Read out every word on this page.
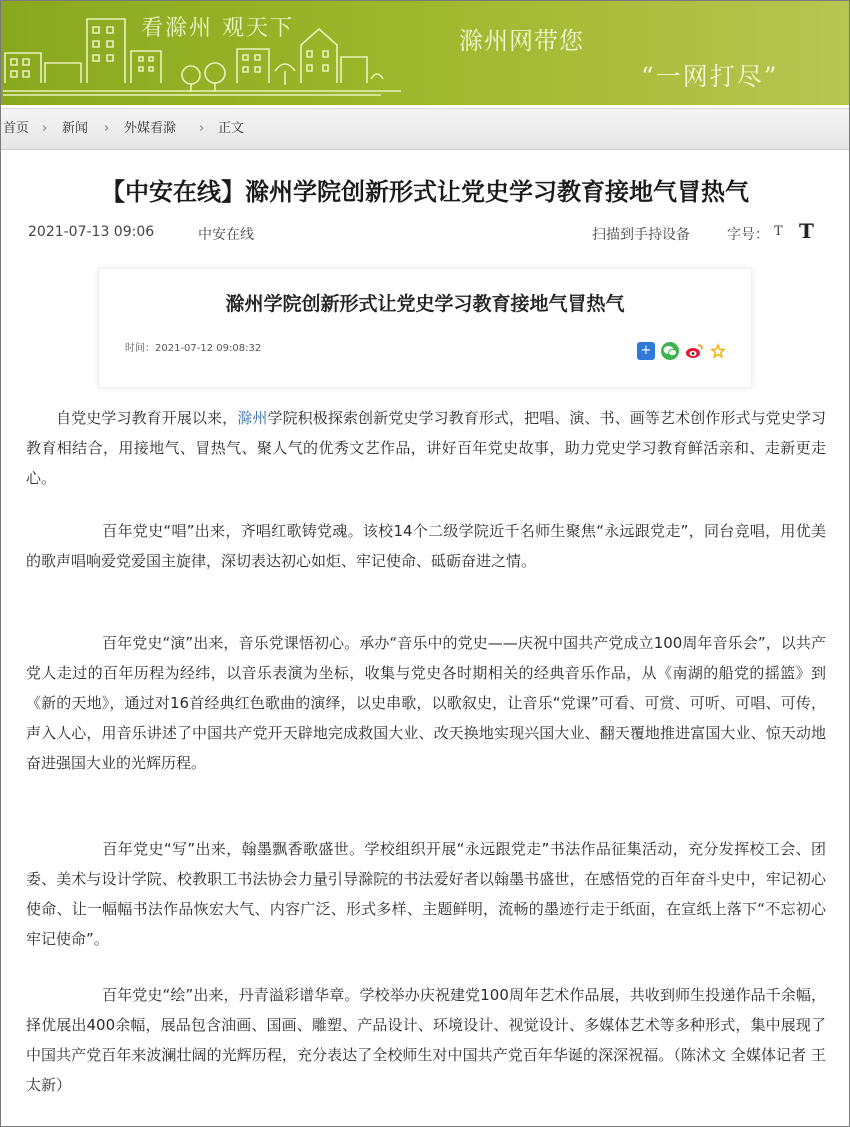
看滁州 观天下	滁州网带您
“一网打尽”
首页 › 新闻 › 外媒看滁 › 正文
【中安在线】滁州学院创新形式让党史学习教育接地气冒热气
2021-07-13 09:06	中安在线	扫描到手持设备	字号： T T
滁州学院创新形式让党史学习教育接地气冒热气
时间：2021-07-12 09:08:32	+

自党史学习教育开展以来，滁州学院积极探索创新党史学习教育形式，把唱、演、书、画等艺术创作形式与党史学习教育相结合，用接地气、冒热气、聚人气的优秀文艺作品，讲好百年党史故事，助力党史学习教育鲜活亲和、走新更走心。

百年党史“唱”出来，齐唱红歌铸党魂。该校14个二级学院近千名师生聚焦“永远跟党走”，同台竞唱，用优美的歌声唱响爱党爱国主旋律，深切表达初心如炬、牢记使命、砥砺奋进之情。

百年党史“演”出来，音乐党课悟初心。承办“音乐中的党史——庆祝中国共产党成立100周年音乐会”，以共产党人走过的百年历程为经纬，以音乐表演为坐标，收集与党史各时期相关的经典音乐作品，从《南湖的船党的摇篮》到《新的天地》，通过对16首经典红色歌曲的演绎，以史串歌，以歌叙史，让音乐“党课”可看、可赏、可听、可唱、可传，声入人心，用音乐讲述了中国共产党开天辟地完成救国大业、改天换地实现兴国大业、翻天覆地推进富国大业、惊天动地奋进强国大业的光辉历程。

百年党史“写”出来，翰墨飘香歌盛世。学校组织开展“永远跟党走”书法作品征集活动，充分发挥校工会、团委、美术与设计学院、校教职工书法协会力量引导滁院的书法爱好者以翰墨书盛世，在感悟党的百年奋斗史中，牢记初心使命、让一幅幅书法作品恢宏大气、内容广泛、形式多样、主题鲜明，流畅的墨迹行走于纸面，在宣纸上落下“不忘初心 牢记使命”。

百年党史“绘”出来，丹青溢彩谱华章。学校举办庆祝建党100周年艺术作品展，共收到师生投递作品千余幅，择优展出400余幅，展品包含油画、国画、雕塑、产品设计、环境设计、视觉设计、多媒体艺术等多种形式，集中展现了中国共产党百年来波澜壮阔的光辉历程，充分表达了全校师生对中国共产党百年华诞的深深祝福。（陈沭文 全媒体记者 王太新）
